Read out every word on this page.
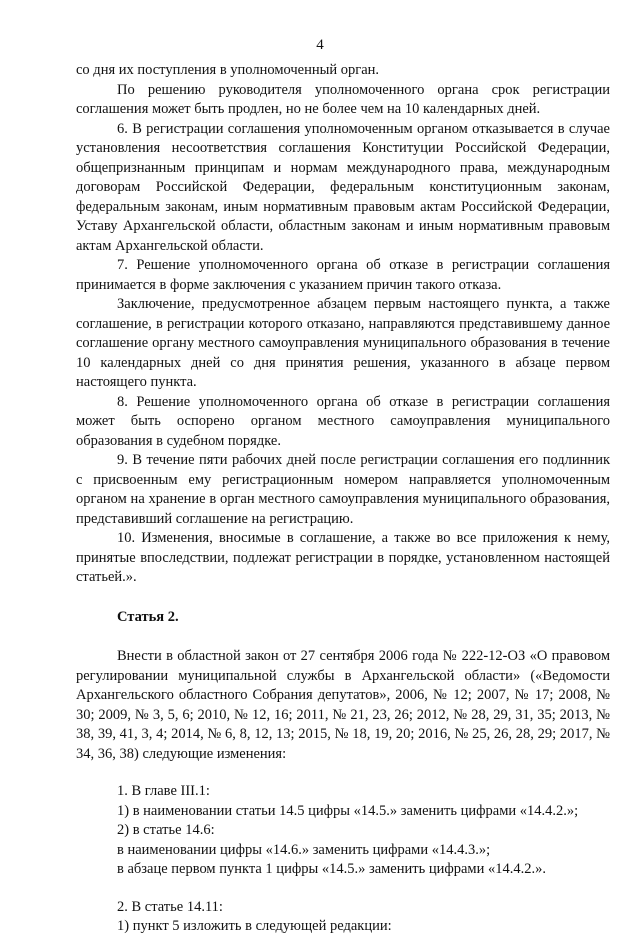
4

со дня их поступления в уполномоченный орган.

По решению руководителя уполномоченного органа срок регистрации соглашения может быть продлен, но не более чем на 10 календарных дней.

6. В регистрации соглашения уполномоченным органом отказывается в случае установления несоответствия соглашения Конституции Российской Федерации, общепризнанным принципам и нормам международного права, международным договорам Российской Федерации, федеральным конституционным законам, федеральным законам, иным нормативным правовым актам Российской Федерации, Уставу Архангельской области, областным законам и иным нормативным правовым актам Архангельской области.

7. Решение уполномоченного органа об отказе в регистрации соглашения принимается в форме заключения с указанием причин такого отказа.

Заключение, предусмотренное абзацем первым настоящего пункта, а также соглашение, в регистрации которого отказано, направляются представившему данное соглашение органу местного самоуправления муниципального образования в течение 10 календарных дней со дня принятия решения, указанного в абзаце первом настоящего пункта.

8. Решение уполномоченного органа об отказе в регистрации соглашения может быть оспорено органом местного самоуправления муниципального образования в судебном порядке.

9. В течение пяти рабочих дней после регистрации соглашения его подлинник с присвоенным ему регистрационным номером направляется уполномоченным органом на хранение в орган местного самоуправления муниципального образования, представивший соглашение на регистрацию.

10. Изменения, вносимые в соглашение, а также во все приложения к нему, принятые впоследствии, подлежат регистрации в порядке, установленном настоящей статьей.».

Статья 2.

Внести в областной закон от 27 сентября 2006 года № 222-12-ОЗ «О правовом регулировании муниципальной службы в Архангельской области» («Ведомости Архангельского областного Собрания депутатов», 2006, № 12; 2007, № 17; 2008, № 30; 2009, № 3, 5, 6; 2010, № 12, 16; 2011, № 21, 23, 26; 2012, № 28, 29, 31, 35; 2013, № 38, 39, 41, 3, 4; 2014, № 6, 8, 12, 13; 2015, № 18, 19, 20; 2016, № 25, 26, 28, 29; 2017, № 34, 36, 38) следующие изменения:

1. В главе III.1:

1) в наименовании статьи 14.5 цифры «14.5.» заменить цифрами «14.4.2.»;

2) в статье 14.6:

в наименовании цифры «14.6.» заменить цифрами «14.4.3.»;

в абзаце первом пункта 1 цифры «14.5.» заменить цифрами «14.4.2.».

2. В статье 14.11:

1) пункт 5 изложить в следующей редакции:
